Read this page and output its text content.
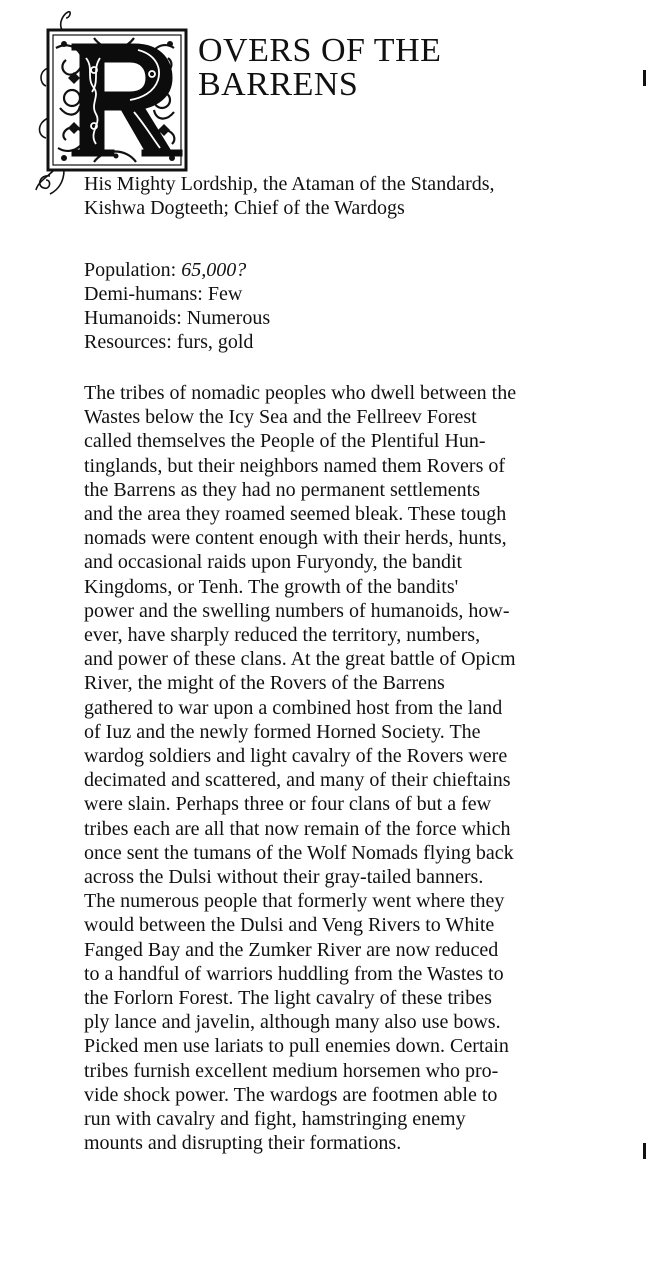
OVERS OF THE
BARRENS

His Mighty Lordship, the Ataman of the Standards,
Kishwa Dogteeth; Chief of the Wardogs

Population: 65,000?
Demi-humans: Few
Humanoids: Numerous
Resources: furs, gold

The tribes of nomadic peoples who dwell between the
Wastes below the Icy Sea and the Fellreev Forest
called themselves the People of the Plentiful Hun-
tinglands, but their neighbors named them Rovers of
the Barrens as they had no permanent settlements
and the area they roamed seemed bleak. These tough
nomads were content enough with their herds, hunts,
and occasional raids upon Furyondy, the bandit
Kingdoms, or Tenh. The growth of the bandits'
power and the swelling numbers of humanoids, how-
ever, have sharply reduced the territory, numbers,
and power of these clans. At the great battle of Opicm
River, the might of the Rovers of the Barrens
gathered to war upon a combined host from the land
of Iuz and the newly formed Horned Society. The
wardog soldiers and light cavalry of the Rovers were
decimated and scattered, and many of their chieftains
were slain. Perhaps three or four clans of but a few
tribes each are all that now remain of the force which
once sent the tumans of the Wolf Nomads flying back
across the Dulsi without their gray-tailed banners.
The numerous people that formerly went where they
would between the Dulsi and Veng Rivers to White
Fanged Bay and the Zumker River are now reduced
to a handful of warriors huddling from the Wastes to
the Forlorn Forest. The light cavalry of these tribes
ply lance and javelin, although many also use bows.
Picked men use lariats to pull enemies down. Certain
tribes furnish excellent medium horsemen who pro-
vide shock power. The wardogs are footmen able to
run with cavalry and fight, hamstringing enemy
mounts and disrupting their formations.
